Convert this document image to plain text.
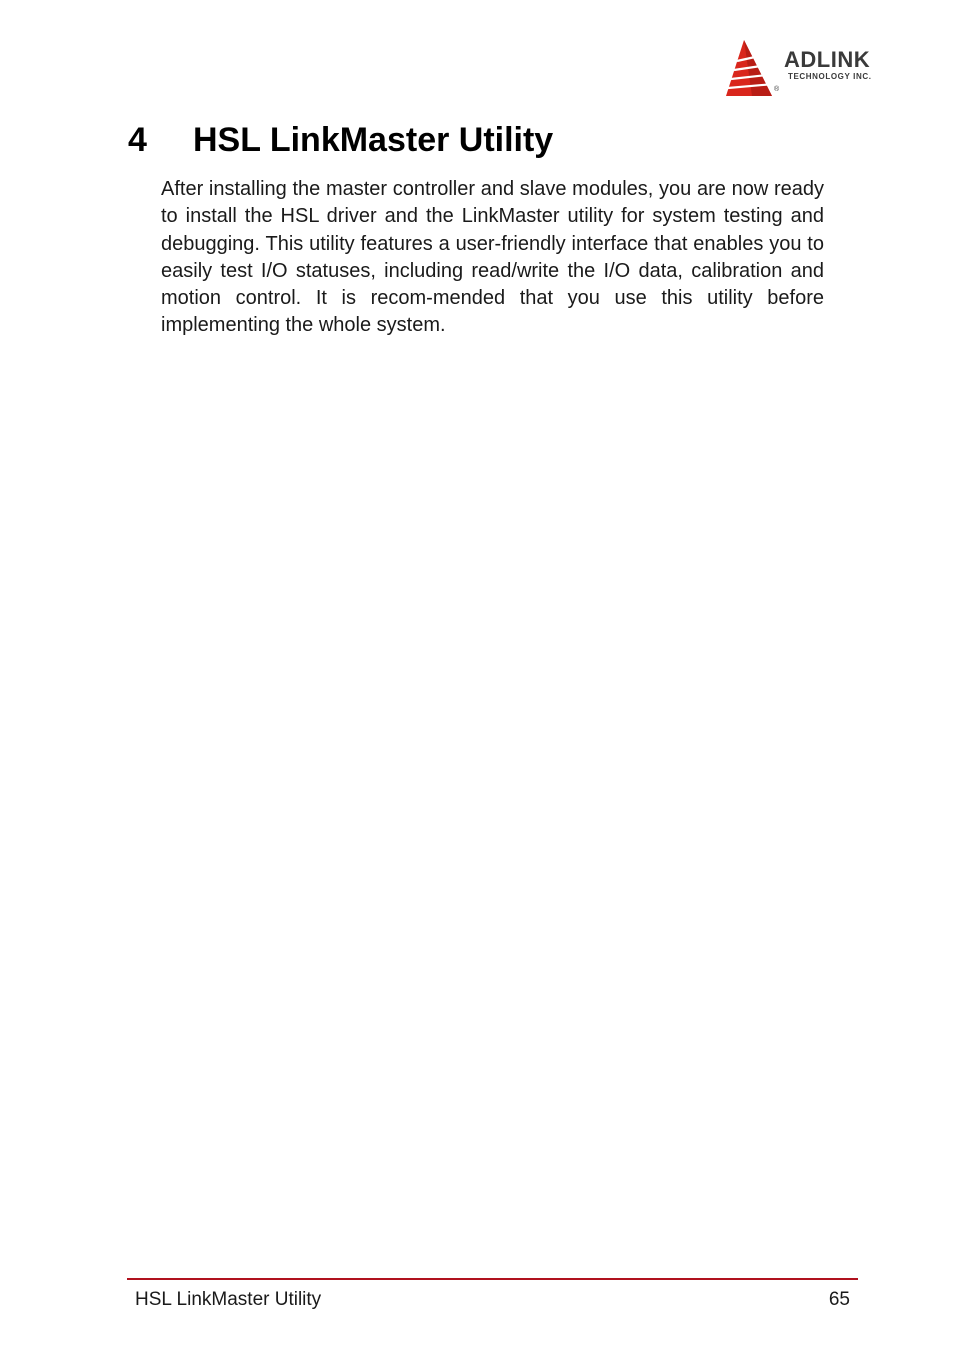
ADLINK
TECHNOLOGY INC.
®
4 HSL LinkMaster Utility

After installing the master controller and slave modules, you are now ready to install the HSL driver and the LinkMaster utility for system testing and debugging. This utility features a user-friendly interface that enables you to easily test I/O statuses, including read/write the I/O data, calibration and motion control. It is recom-mended that you use this utility before implementing the whole system.

HSL LinkMaster Utility	65
